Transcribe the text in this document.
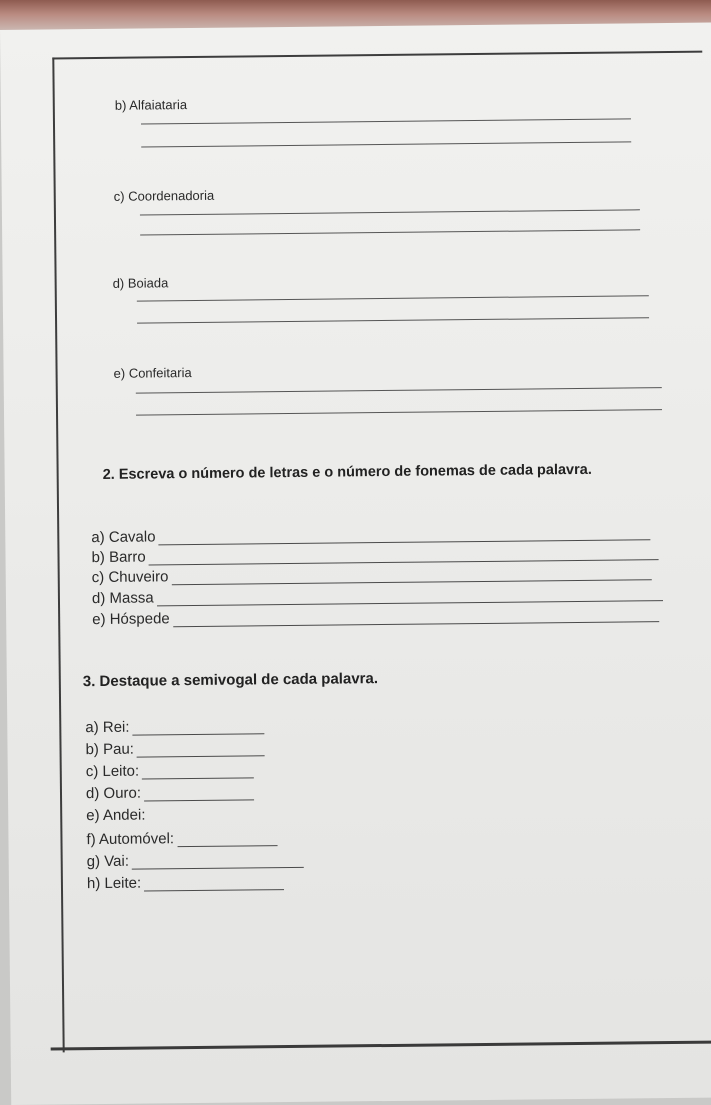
b) Alfaiataria
c) Coordenadoria
d) Boiada
e) Confeitaria
2. Escreva o número de letras e o número de fonemas de cada palavra.
a) Cavalo
b) Barro
c) Chuveiro
d) Massa
e) Hóspede
3. Destaque a semivogal de cada palavra.
a) Rei:
b) Pau:
c) Leito:
d) Ouro:
e) Andei:
f) Automóvel:
g) Vai:
h) Leite:
